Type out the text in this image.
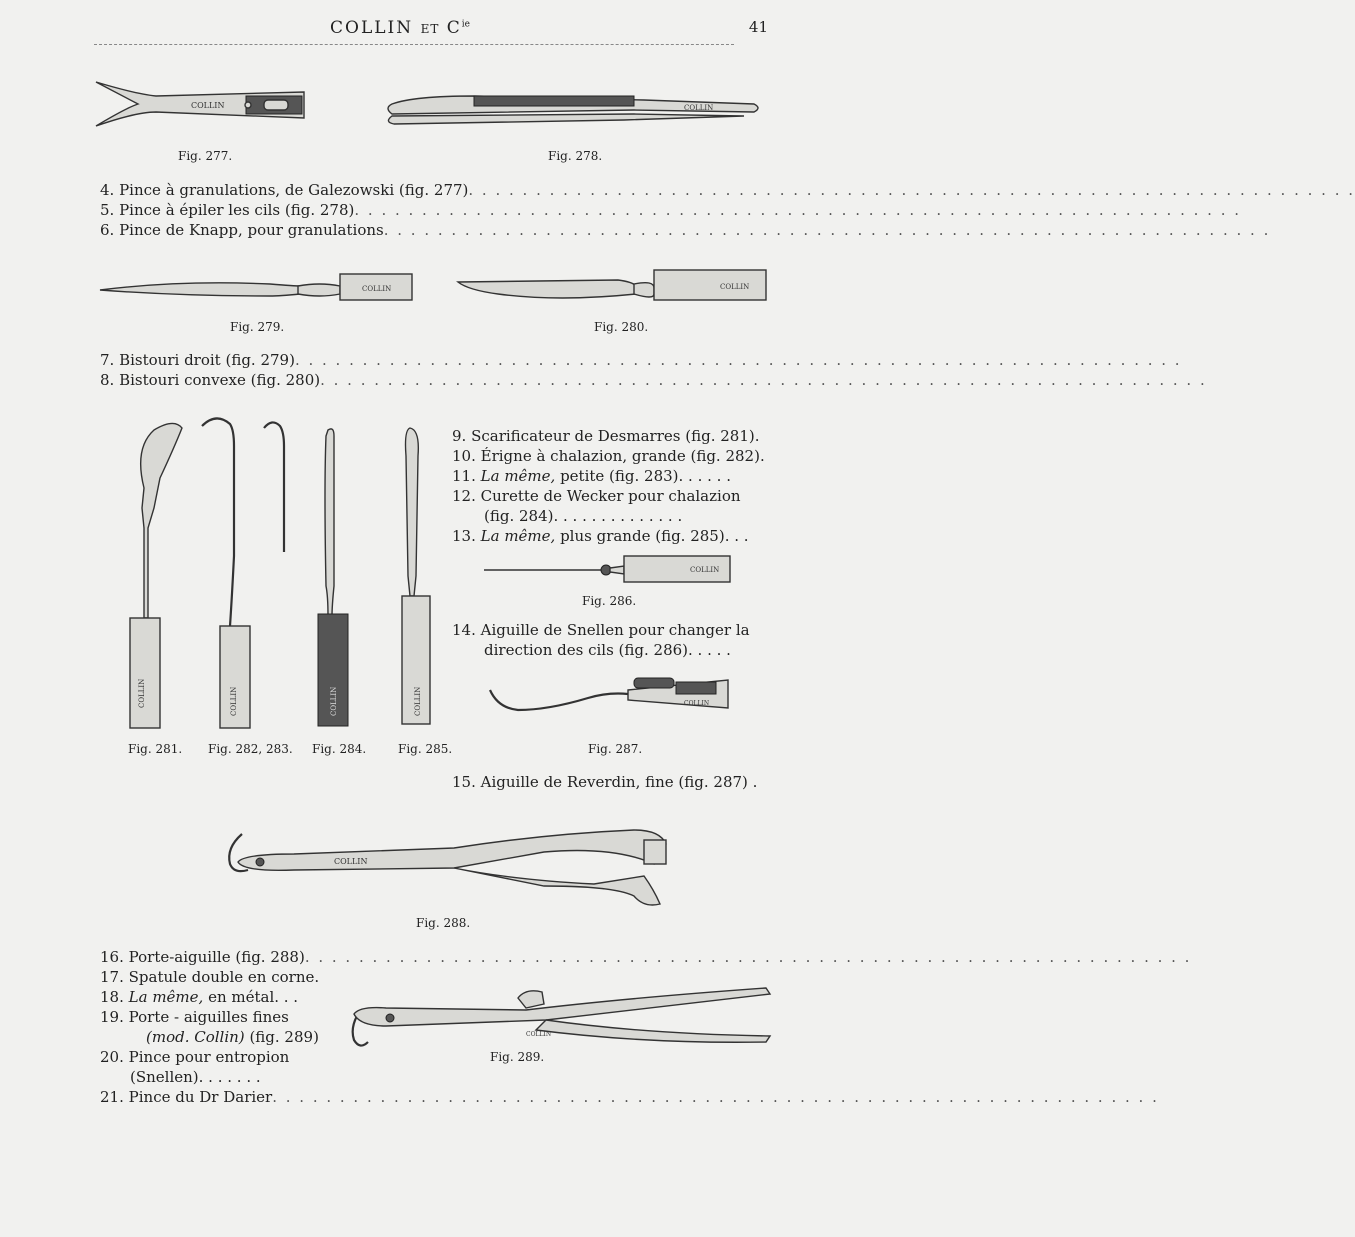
COLLIN ET $C^{ie}$	41
COLLIN
Fig. 277.
COLLIN
Fig. 278.
4. Pince à granulations, de Galezowski (fig. 277). . . . . . . . . . . . . . . . . . . . . . . . . . . . . . . . . . . . . . . . . . . . . . . . . . . . . . . . . . . . . . . . . .
5. Pince à épiler les cils (fig. 278). . . . . . . . . . . . . . . . . . . . . . . . . . . . . . . . . . . . . . . . . . . . . . . . . . . . . . . . . . . . . . . . . .
6. Pince de Knapp, pour granulations. . . . . . . . . . . . . . . . . . . . . . . . . . . . . . . . . . . . . . . . . . . . . . . . . . . . . . . . . . . . . . . . . .
COLLIN
Fig. 279.
COLLIN
Fig. 280.
7. Bistouri droit (fig. 279). . . . . . . . . . . . . . . . . . . . . . . . . . . . . . . . . . . . . . . . . . . . . . . . . . . . . . . . . . . . . . . . . .
8. Bistouri convexe (fig. 280). . . . . . . . . . . . . . . . . . . . . . . . . . . . . . . . . . . . . . . . . . . . . . . . . . . . . . . . . . . . . . . . . .
COLLIN	COLLIN	COLLIN	COLLIN
Fig. 281. Fig. 282, 283. Fig. 284.	Fig. 285.
9. Scarificateur de Desmarres (fig. 281).
10. Érigne à chalazion, grande (fig. 282).
11. La même, petite (fig. 283). . . . . .
12. Curette de Wecker pour chalazion
(fig. 284). . . . . . . . . . . . . .
13. La même, plus grande (fig. 285). . .
COLLIN
Fig. 286.
14. Aiguille de Snellen pour changer la
direction des cils (fig. 286). . . . .
COLLIN
Fig. 287.
15. Aiguille de Reverdin, fine (fig. 287) .
COLLIN
Fig. 288.
16. Porte-aiguille (fig. 288). . . . . . . . . . . . . . . . . . . . . . . . . . . . . . . . . . . . . . . . . . . . . . . . . . . . . . . . . . . . . . . . . .
17. Spatule double en corne.
18. La même, en métal. . .
19. Porte - aiguilles fines
(mod. Collin) (fig. 289)
20. Pince pour entropion
(Snellen). . . . . . .
21. Pince du Dr Darier. . . . . . . . . . . . . . . . . . . . . . . . . . . . . . . . . . . . . . . . . . . . . . . . . . . . . . . . . . . . . . . . . .
COLLIN
Fig. 289.
